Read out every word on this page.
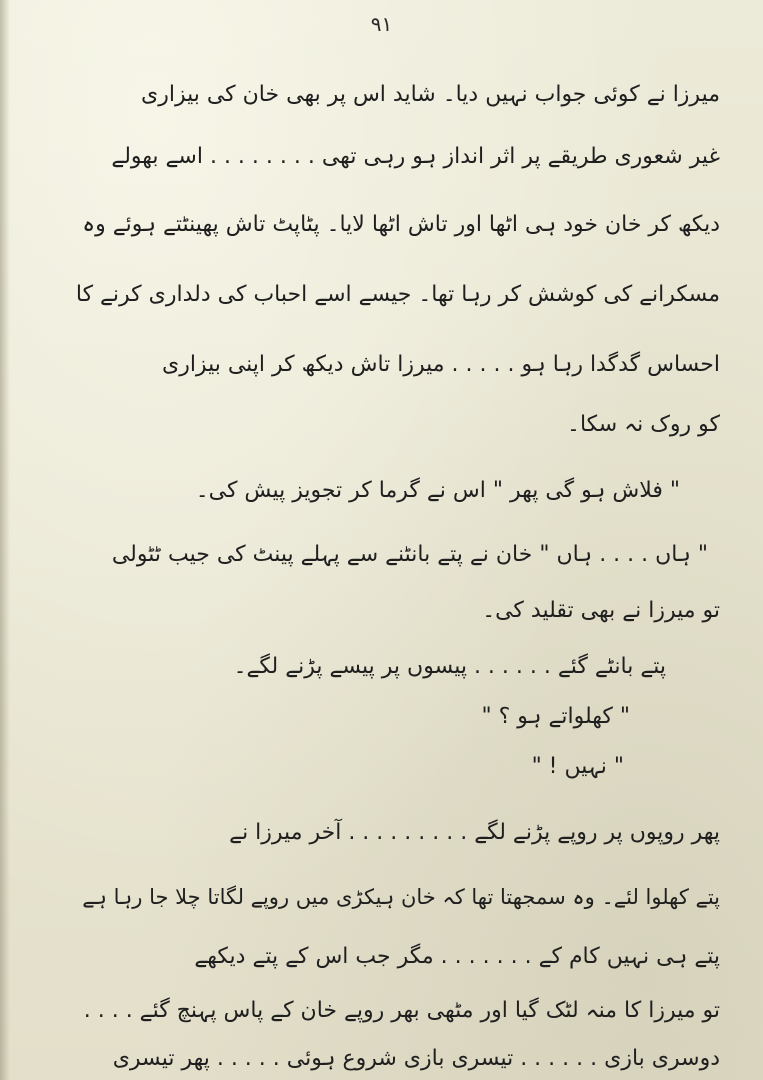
٩١
میرزا نے کوئی جواب نہیں دیا۔ شاید اس پر بھی خان کی بیزاری
غیر شعوری طریقے پر اثر انداز ہو رہی تھی . . . . . . . . اسے بھولے
دیکھ کر خان خود ہی اٹھا اور تاش اٹھا لایا۔ پٹاپٹ تاش پھینٹتے ہوئے وہ
مسکرانے کی کوشش کر رہا تھا۔ جیسے اسے احباب کی دلداری کرنے کا
احساس گدگدا رہا ہو . . . . . میرزا تاش دیکھ کر اپنی بیزاری
کو روک نہ سکا۔
" فلاش ہو گی پھر " اس نے گرما کر تجویز پیش کی۔
" ہاں . . . . ہاں " خان نے پتے بانٹنے سے پہلے پینٹ کی جیب ٹٹولی
تو میرزا نے بھی تقلید کی۔
پتے بانٹے گئے . . . . . . پیسوں پر پیسے پڑنے لگے۔
" کھلواتے ہو ؟ "
" نہیں ! "
پھر روپوں پر روپے پڑنے لگے . . . . . . . . . آخر میرزا نے
پتے کھلوا لئے۔ وہ سمجھتا تھا کہ خان ہیکڑی میں روپے لگاتا چلا جا رہا ہے
پتے ہی نہیں کام کے . . . . . . . مگر جب اس کے پتے دیکھے
تو میرزا کا منہ لٹک گیا اور مٹھی بھر روپے خان کے پاس پہنچ گئے . . . .
دوسری بازی . . . . . . تیسری بازی شروع ہوئی . . . . . پھر تیسری
